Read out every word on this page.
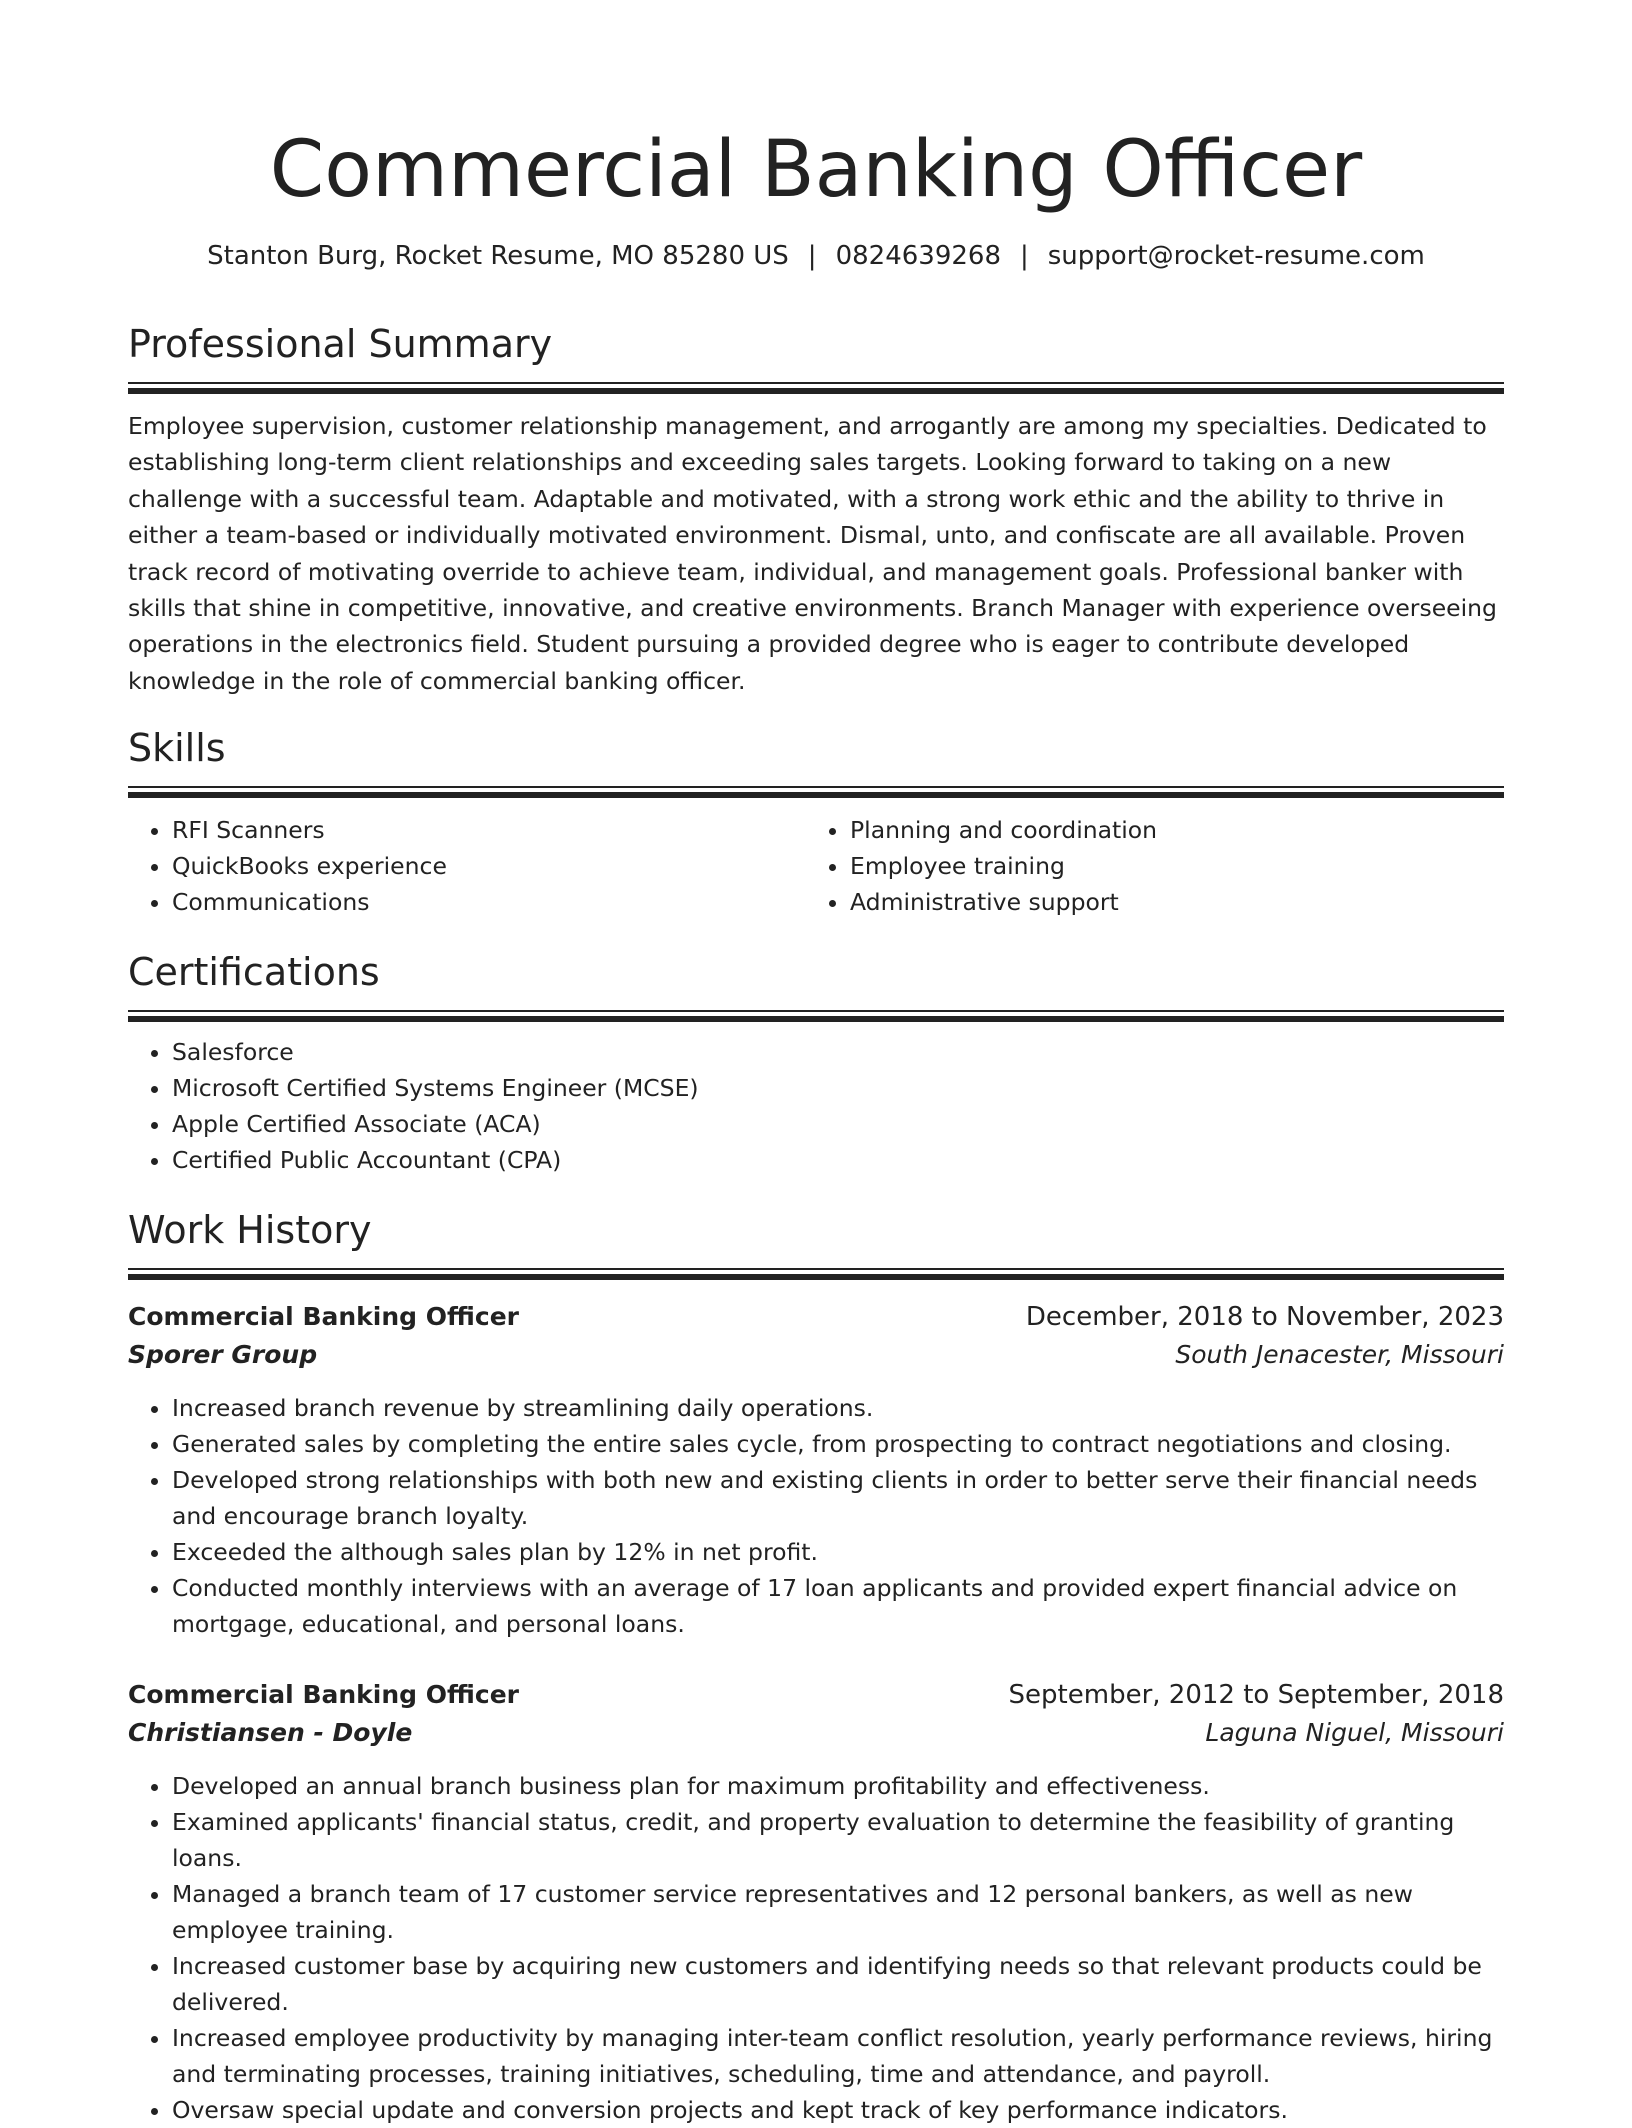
Commercial Banking Officer
Stanton Burg, Rocket Resume, MO 85280 US | 0824639268 | support@rocket-resume.com
Professional Summary

Employee supervision, customer relationship management, and arrogantly are among my specialties. Dedicated to establishing long-term client relationships and exceeding sales targets. Looking forward to taking on a new challenge with a successful team. Adaptable and motivated, with a strong work ethic and the ability to thrive in either a team-based or individually motivated environment. Dismal, unto, and confiscate are all available. Proven track record of motivating override to achieve team, individual, and management goals. Professional banker with skills that shine in competitive, innovative, and creative environments. Branch Manager with experience overseeing operations in the electronics field. Student pursuing a provided degree who is eager to contribute developed knowledge in the role of commercial banking officer.

Skills
• RFI Scanners
• QuickBooks experience
• Communications
• Planning and coordination
• Employee training
• Administrative support
Certifications
• Salesforce
• Microsoft Certified Systems Engineer (MCSE)
• Apple Certified Associate (ACA)
• Certified Public Accountant (CPA)
Work History
Commercial Banking Officer	December, 2018 to November, 2023
Sporer Group	South Jenacester, Missouri
• Increased branch revenue by streamlining daily operations.
• Generated sales by completing the entire sales cycle, from prospecting to contract negotiations and closing.
• Developed strong relationships with both new and existing clients in order to better serve their financial needs and encourage branch loyalty.
• Exceeded the although sales plan by 12% in net profit.
• Conducted monthly interviews with an average of 17 loan applicants and provided expert financial advice on mortgage, educational, and personal loans.
Commercial Banking Officer	September, 2012 to September, 2018
Christiansen - Doyle	Laguna Niguel, Missouri
• Developed an annual branch business plan for maximum profitability and effectiveness.
• Examined applicants' financial status, credit, and property evaluation to determine the feasibility of granting loans.
• Managed a branch team of 17 customer service representatives and 12 personal bankers, as well as new employee training.
• Increased customer base by acquiring new customers and identifying needs so that relevant products could be delivered.
• Increased employee productivity by managing inter-team conflict resolution, yearly performance reviews, hiring and terminating processes, training initiatives, scheduling, time and attendance, and payroll.
• Oversaw special update and conversion projects and kept track of key performance indicators.
